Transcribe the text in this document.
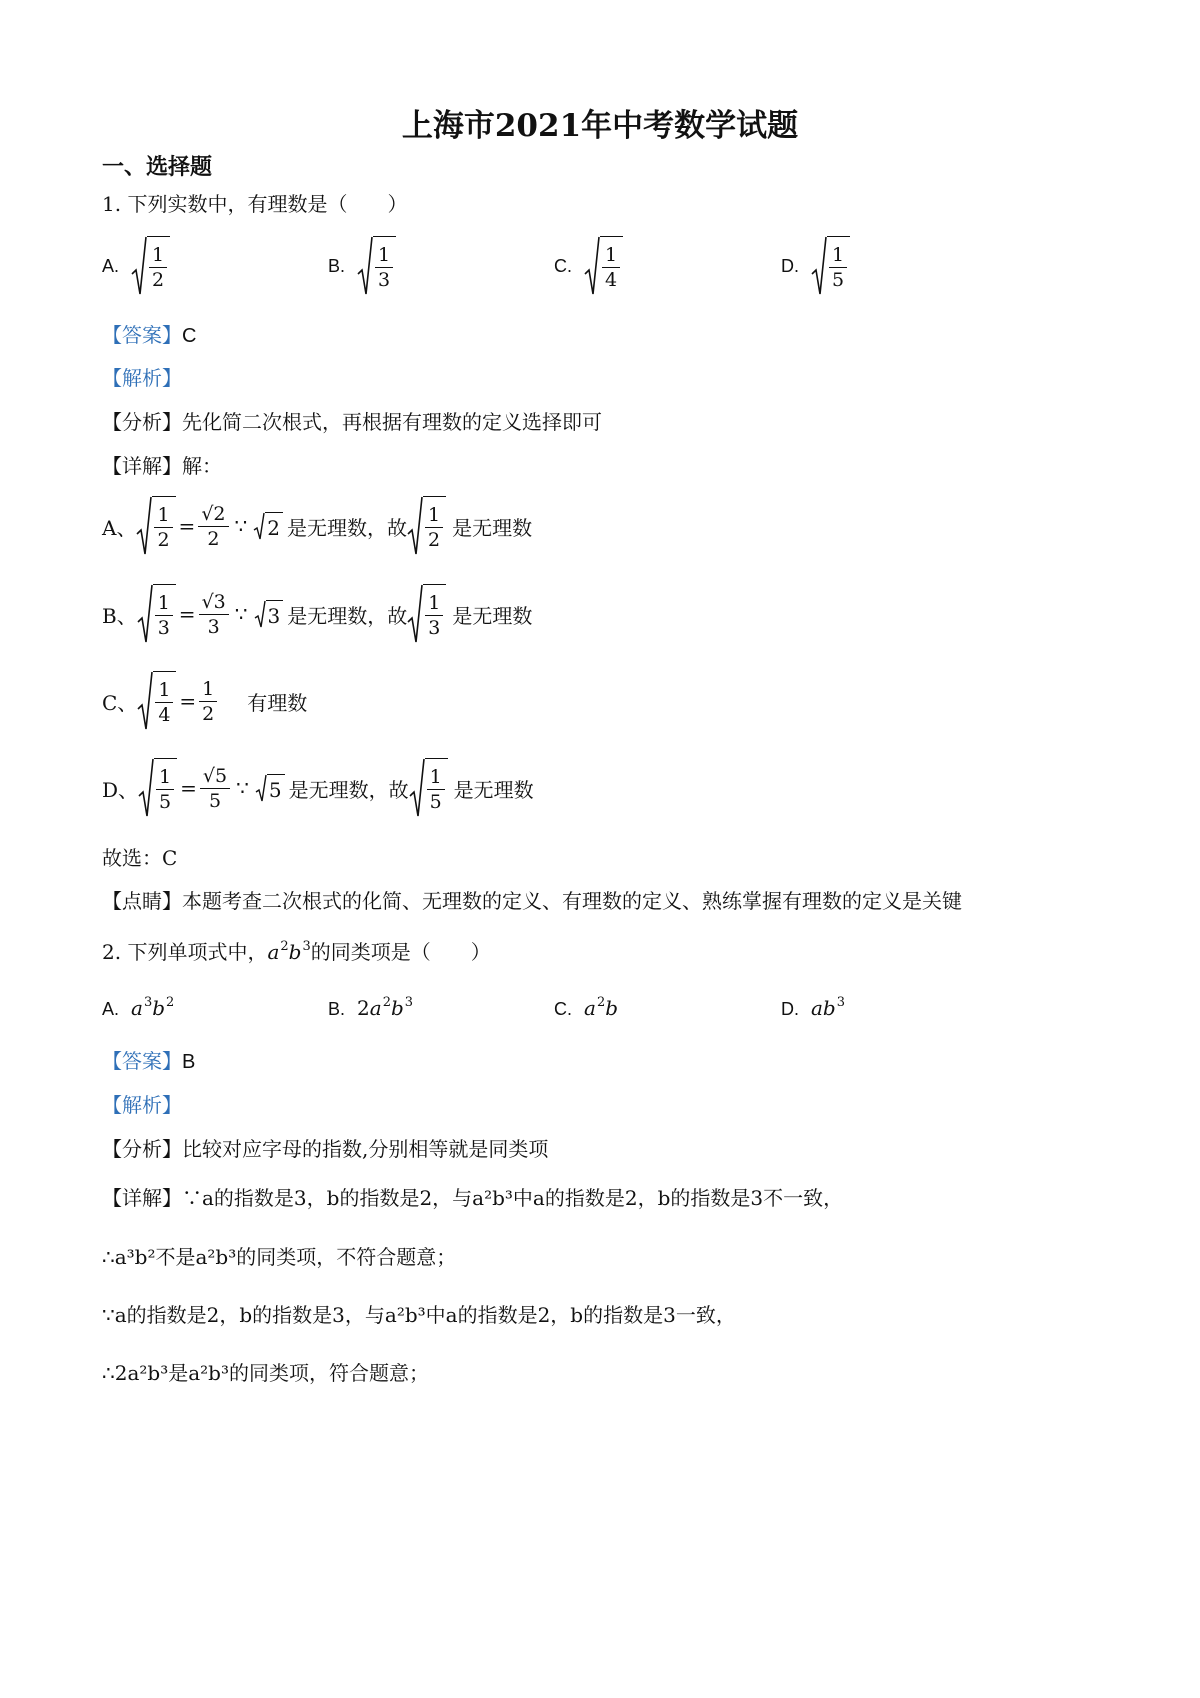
上海市2021年中考数学试题
一、选择题
1. 下列实数中，有理数是（　　）
A. $\frac{1}{2}$	B. $\frac{1}{3}$	C. $\frac{1}{4}$	D. $\frac{1}{5}$
【答案】C
【解析】
【分析】先化简二次根式，再根据有理数的定义选择即可
【详解】解：
A、 $\frac{1}{2} = \frac{√2}{2}$ ∵ 2 是无理数，故 $\frac{1}{2}$ 是无理数
B、 $\frac{1}{3} = \frac{√3}{3}$ ∵ 3 是无理数，故 $\frac{1}{3}$ 是无理数
C、 $\frac{1}{4} = \frac{1}{2}$ 有理数
D、 $\frac{1}{5} = \frac{√5}{5}$ ∵ 5 是无理数，故 $\frac{1}{5}$ 是无理数
故选：C
【点睛】本题考查二次根式的化简、无理数的定义、有理数的定义、熟练掌握有理数的定义是关键
2. 下列单项式中，$a^2b^3$的同类项是（　　）
A. $a^3b^2$	B. $2a^2b^3$	C. $a^2b$	D. $ab^3$
【答案】B
【解析】
【分析】比较对应字母的指数,分别相等就是同类项
【详解】∵a的指数是3，b的指数是2，与a²b³中a的指数是2，b的指数是3不一致，
∴a³b²不是a²b³的同类项，不符合题意；
∵a的指数是2，b的指数是3，与a²b³中a的指数是2，b的指数是3一致，
∴2a²b³是a²b³的同类项，符合题意；
